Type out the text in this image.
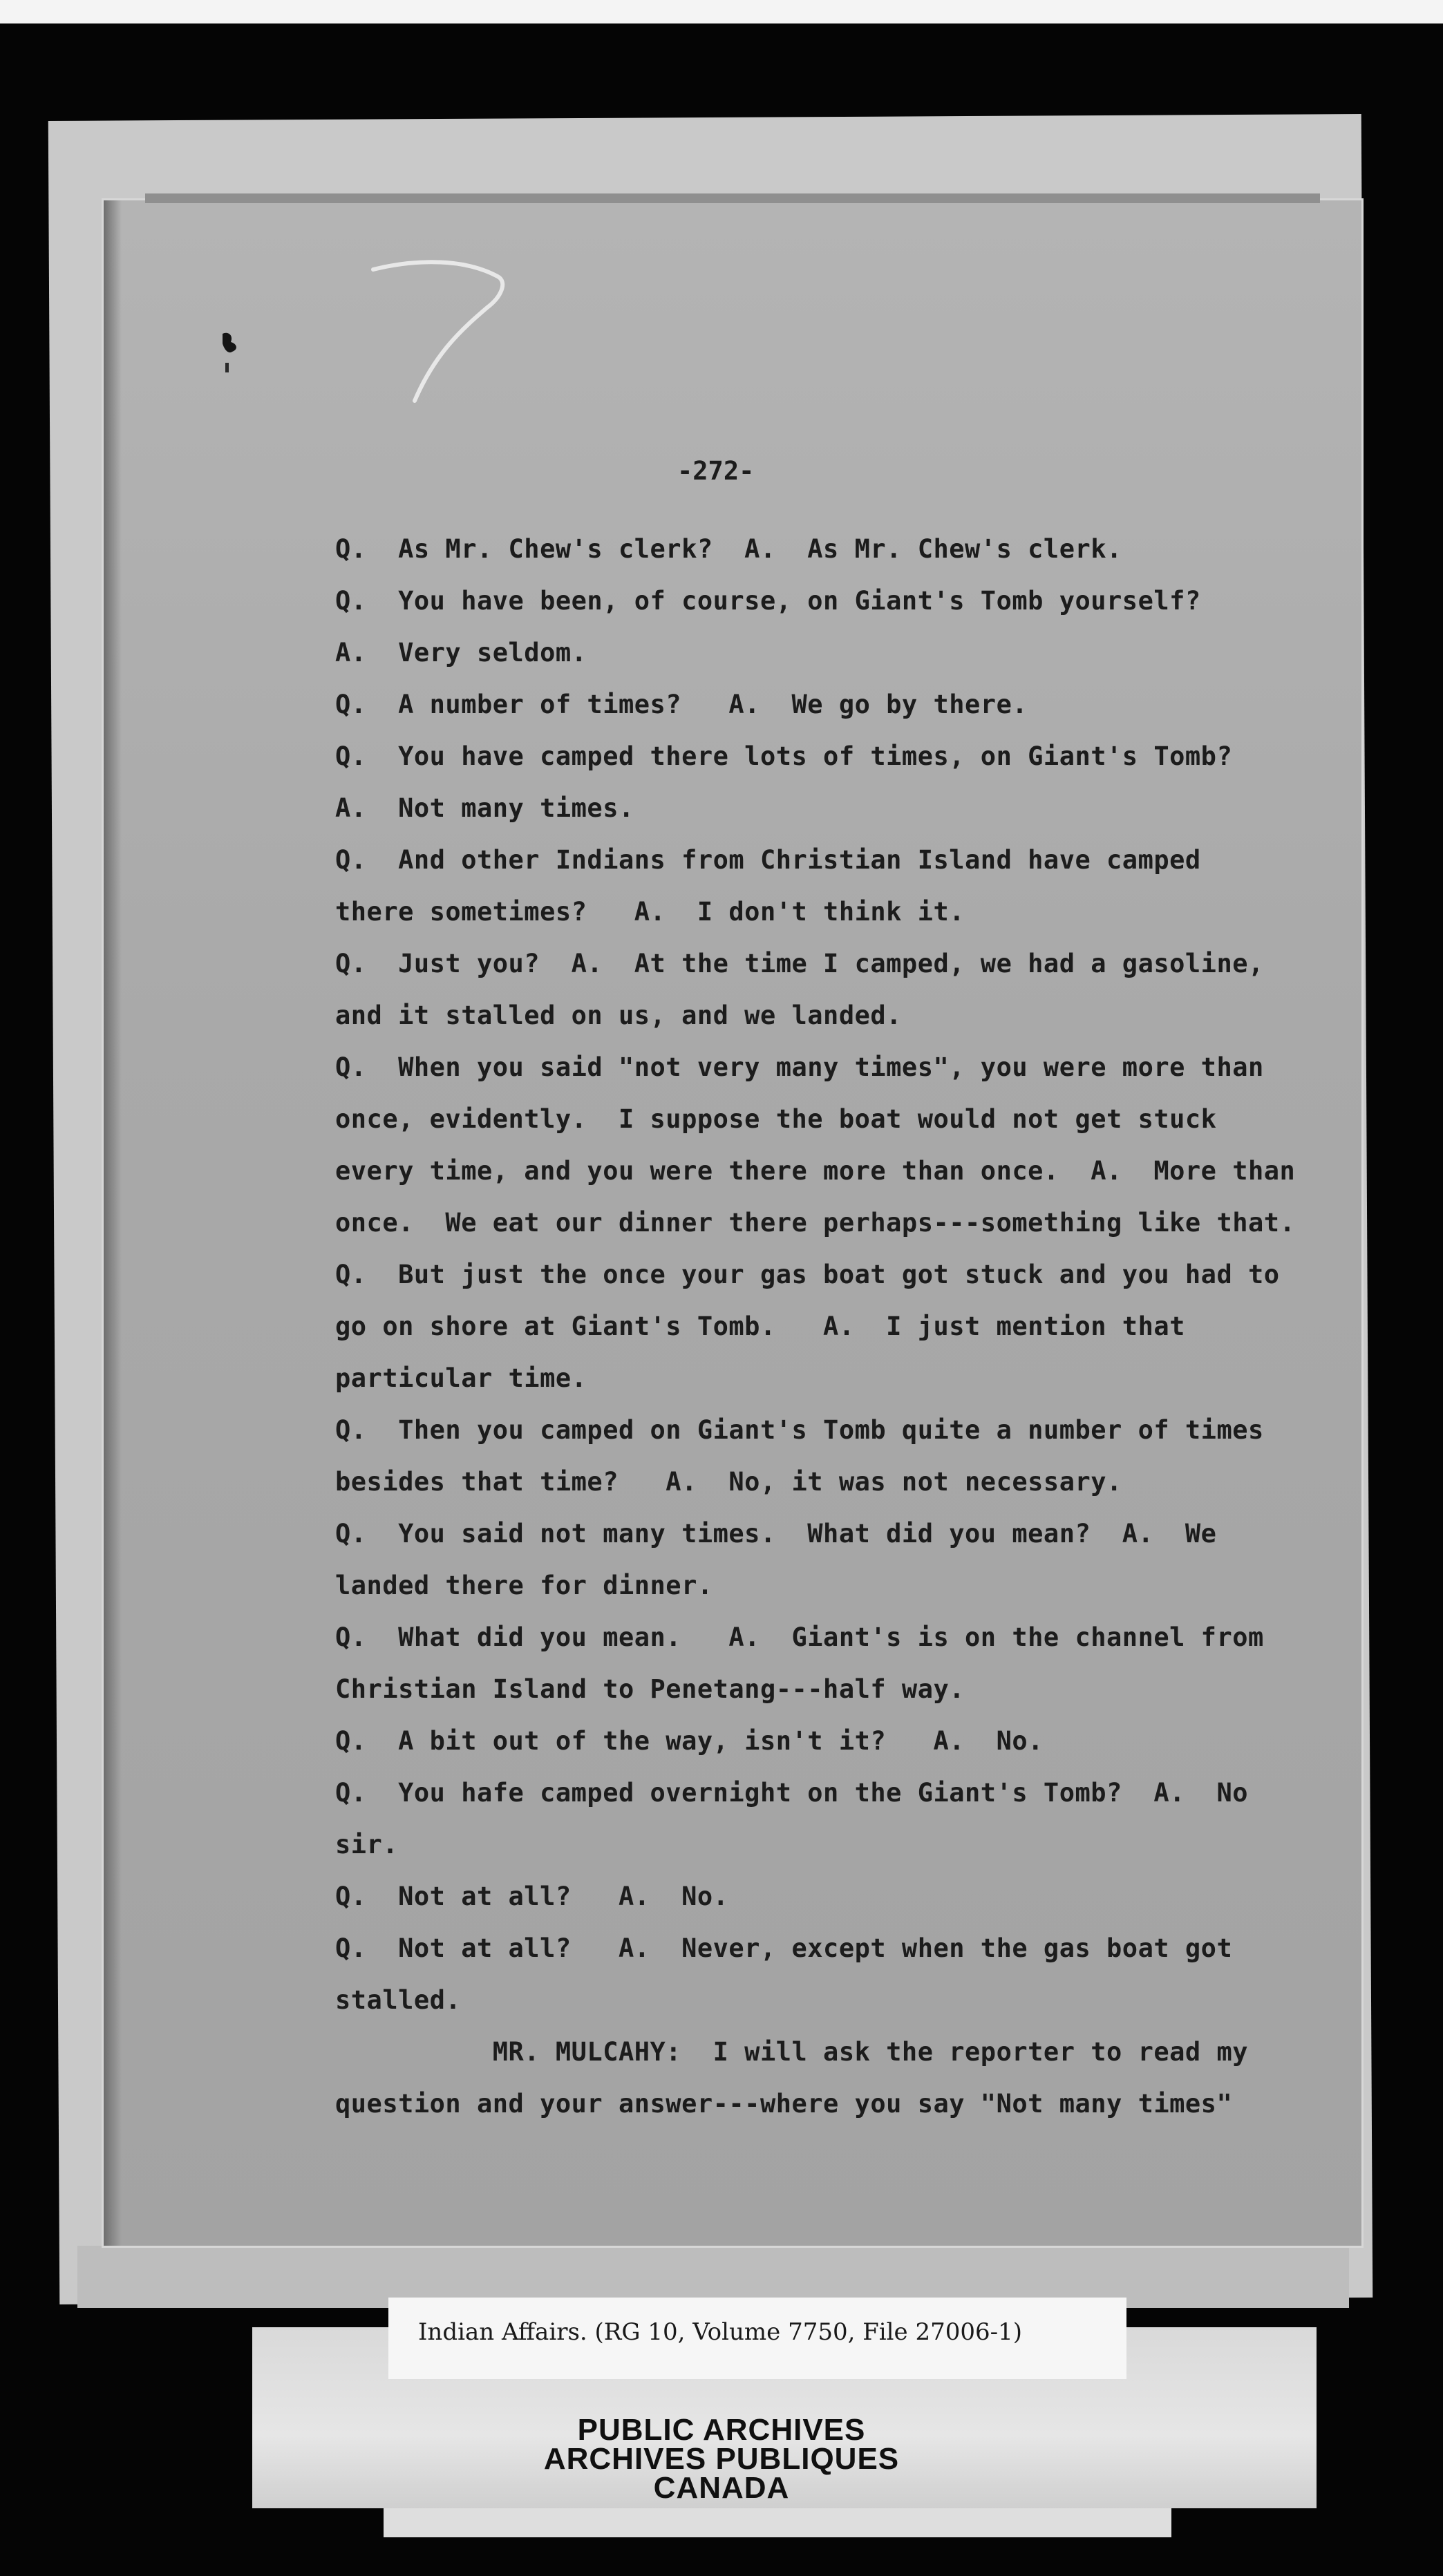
-272-
Q.  As Mr. Chew's clerk?  A.  As Mr. Chew's clerk.
Q.  You have been, of course, on Giant's Tomb yourself?
A.  Very seldom.
Q.  A number of times?   A.  We go by there.
Q.  You have camped there lots of times, on Giant's Tomb?
A.  Not many times.
Q.  And other Indians from Christian Island have camped
there sometimes?   A.  I don't think it.
Q.  Just you?  A.  At the time I camped, we had a gasoline,
and it stalled on us, and we landed.
Q.  When you said "not very many times", you were more than
once, evidently.  I suppose the boat would not get stuck
every time, and you were there more than once.  A.  More than
once.  We eat our dinner there perhaps---something like that.
Q.  But just the once your gas boat got stuck and you had to
go on shore at Giant's Tomb.   A.  I just mention that
particular time.
Q.  Then you camped on Giant's Tomb quite a number of times
besides that time?   A.  No, it was not necessary.
Q.  You said not many times.  What did you mean?  A.  We
landed there for dinner.
Q.  What did you mean.   A.  Giant's is on the channel from
Christian Island to Penetang---half way.
Q.  A bit out of the way, isn't it?   A.  No.
Q.  You hafe camped overnight on the Giant's Tomb?  A.  No
sir.
Q.  Not at all?   A.  No.
Q.  Not at all?   A.  Never, except when the gas boat got
stalled.
MR. MULCAHY:  I will ask the reporter to read my
question and your answer---where you say "Not many times"
Indian Affairs. (RG 10, Volume 7750, File 27006-1)
PUBLIC ARCHIVES
ARCHIVES PUBLIQUES
CANADA
